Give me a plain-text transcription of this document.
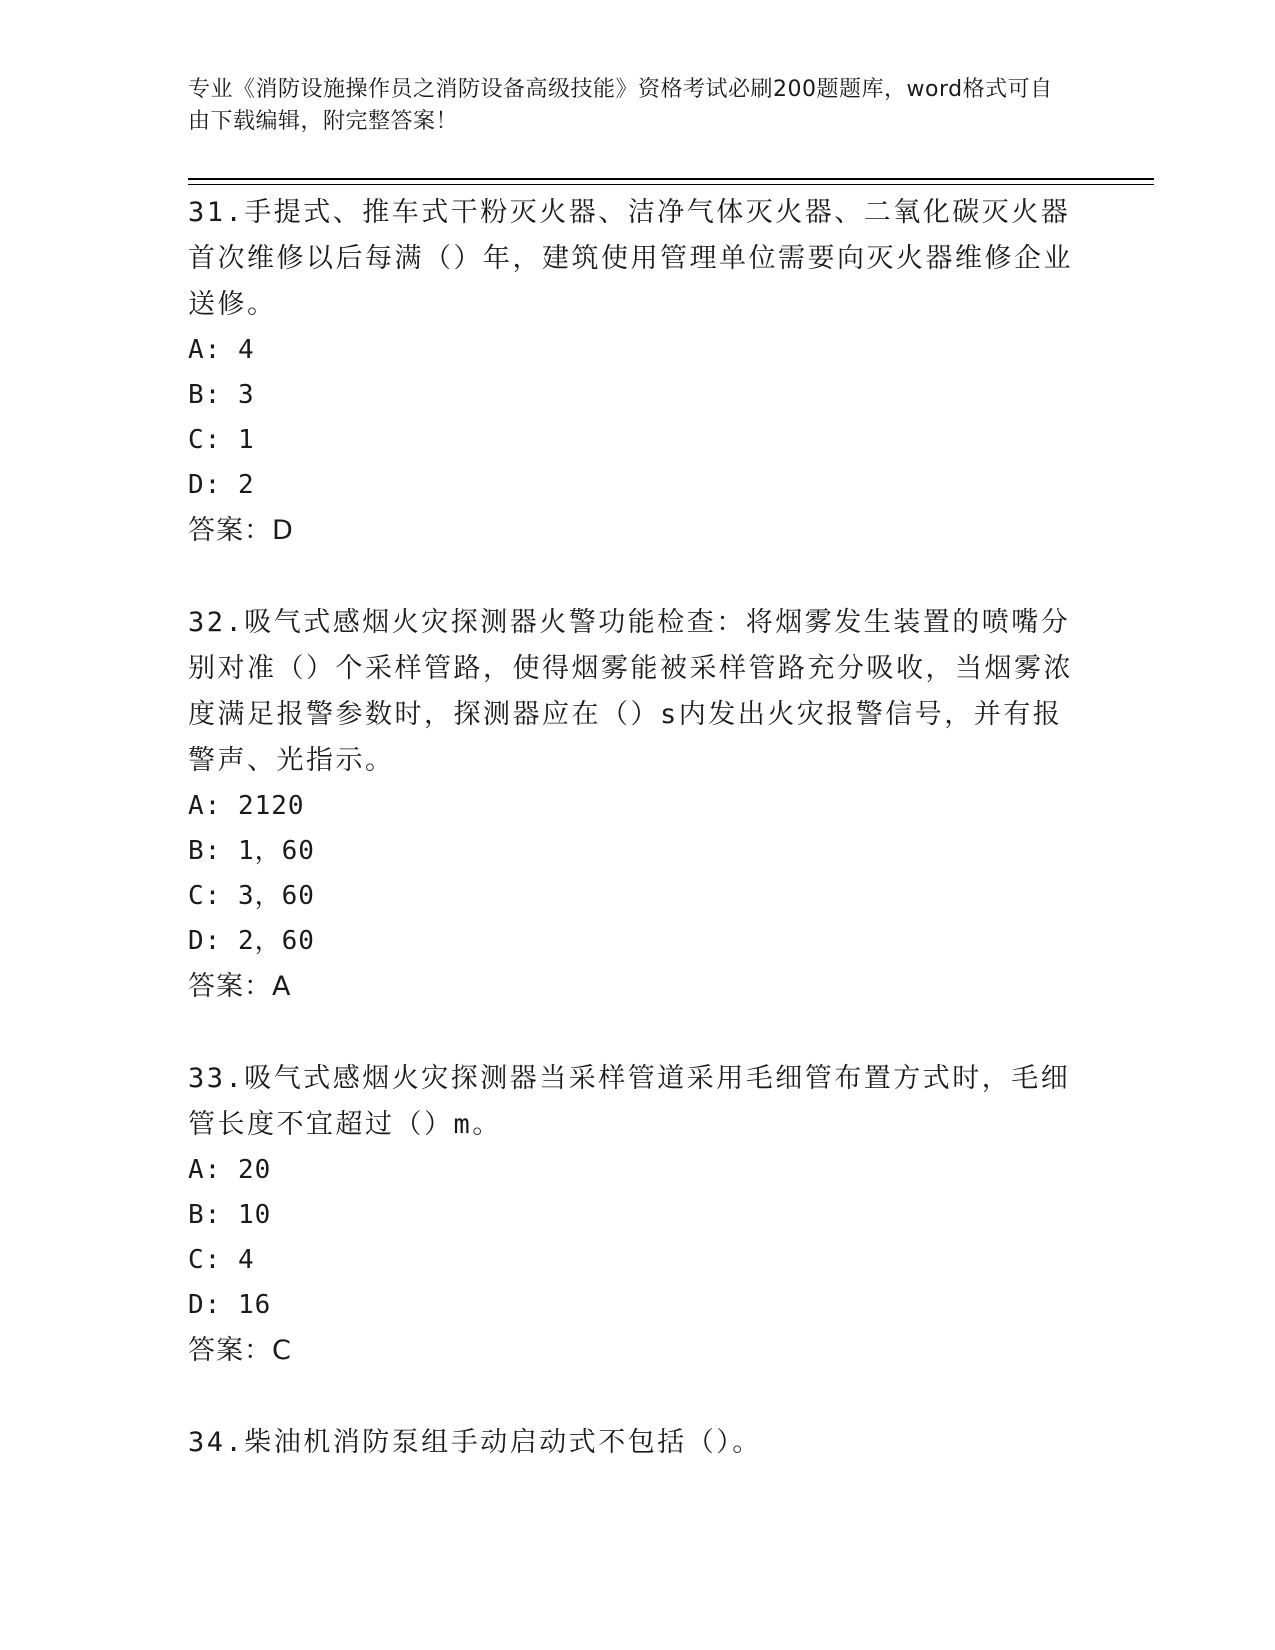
专业《消防设施操作员之消防设备高级技能》资格考试必刷200题题库，word格式可自由下载编辑，附完整答案！
31.手提式、推车式干粉灭火器、洁净气体灭火器、二氧化碳灭火器首次维修以后每满（）年，建筑使用管理单位需要向灭火器维修企业送修。
A: 4
B: 3
C: 1
D: 2
答案：D
32.吸气式感烟火灾探测器火警功能检查：将烟雾发生装置的喷嘴分别对准（）个采样管路，使得烟雾能被采样管路充分吸收，当烟雾浓度满足报警参数时，探测器应在（）s内发出火灾报警信号，并有报警声、光指示。
A: 2120
B: 1，60
C: 3，60
D: 2，60
答案：A
33.吸气式感烟火灾探测器当采样管道采用毛细管布置方式时，毛细管长度不宜超过（）m。
A: 20
B: 10
C: 4
D: 16
答案：C
34.柴油机消防泵组手动启动式不包括（）。
